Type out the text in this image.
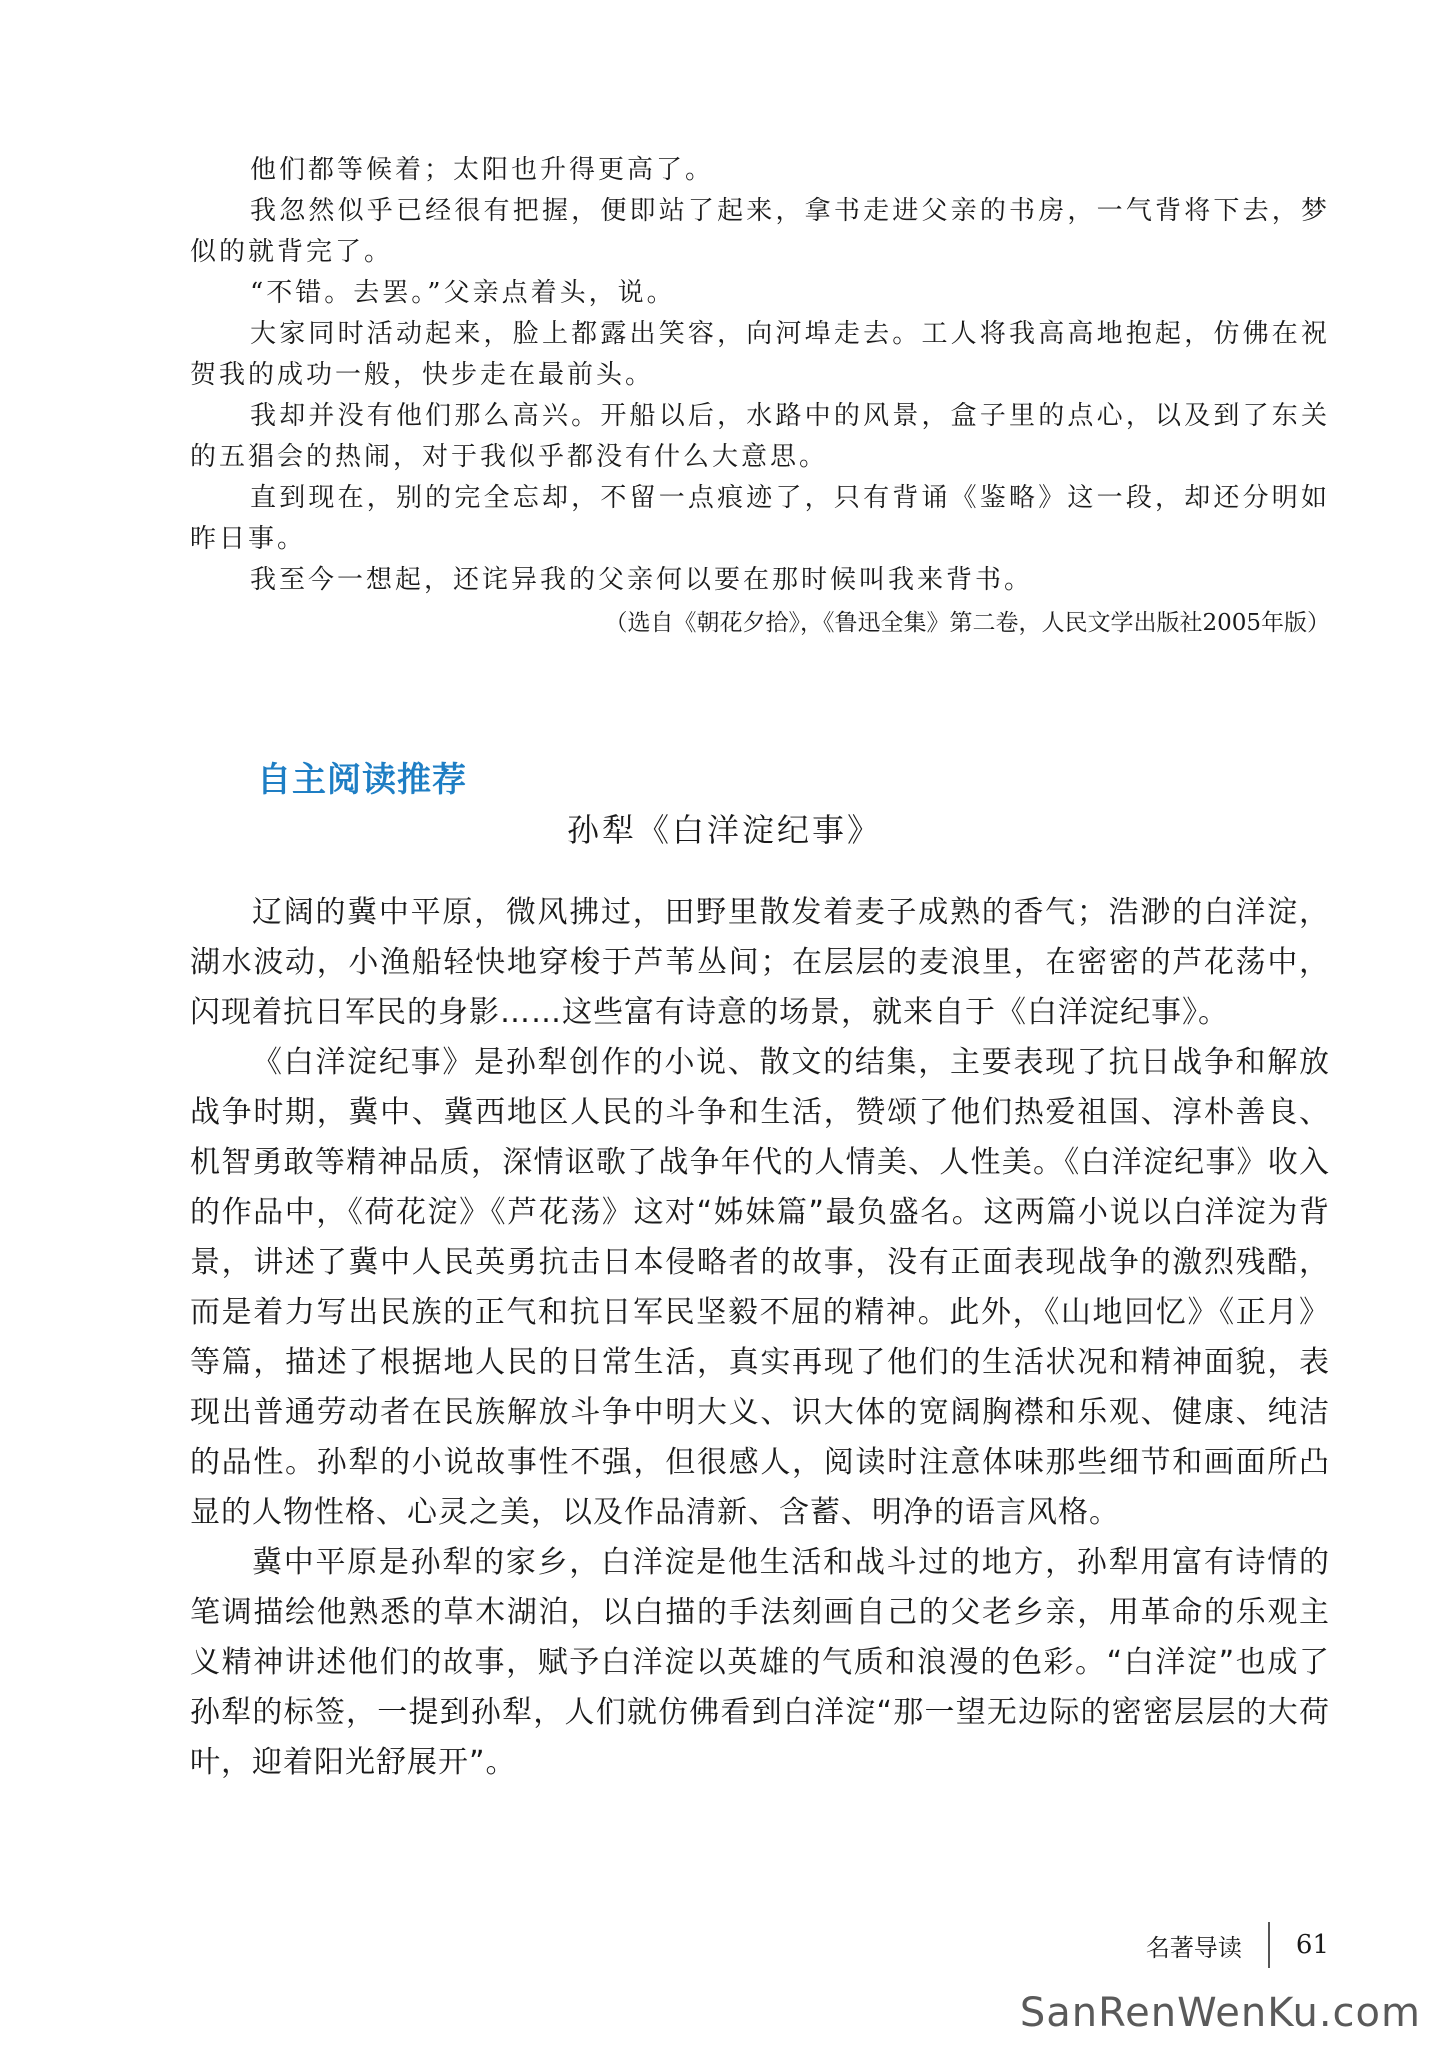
他们都等候着；太阳也升得更高了。

我忽然似乎已经很有把握，便即站了起来，拿书走进父亲的书房，一气背将下去，梦似的就背完了。

“不错。去罢。”父亲点着头，说。

大家同时活动起来，脸上都露出笑容，向河埠走去。工人将我高高地抱起，仿佛在祝贺我的成功一般，快步走在最前头。

我却并没有他们那么高兴。开船以后，水路中的风景，盒子里的点心，以及到了东关的五猖会的热闹，对于我似乎都没有什么大意思。

直到现在，别的完全忘却，不留一点痕迹了，只有背诵《鉴略》这一段，却还分明如昨日事。

我至今一想起，还诧异我的父亲何以要在那时候叫我来背书。

（选自《朝花夕拾》，《鲁迅全集》第二卷，人民文学出版社2005年版）
自主阅读推荐
孙犁《白洋淀纪事》

辽阔的冀中平原，微风拂过，田野里散发着麦子成熟的香气；浩渺的白洋淀，湖水波动，小渔船轻快地穿梭于芦苇丛间；在层层的麦浪里，在密密的芦花荡中，闪现着抗日军民的身影……这些富有诗意的场景，就来自于《白洋淀纪事》。

《白洋淀纪事》是孙犁创作的小说、散文的结集，主要表现了抗日战争和解放战争时期，冀中、冀西地区人民的斗争和生活，赞颂了他们热爱祖国、淳朴善良、机智勇敢等精神品质，深情讴歌了战争年代的人情美、人性美。《白洋淀纪事》收入的作品中，《荷花淀》《芦花荡》这对“姊妹篇”最负盛名。这两篇小说以白洋淀为背景，讲述了冀中人民英勇抗击日本侵略者的故事，没有正面表现战争的激烈残酷，而是着力写出民族的正气和抗日军民坚毅不屈的精神。此外，《山地回忆》《正月》等篇，描述了根据地人民的日常生活，真实再现了他们的生活状况和精神面貌，表现出普通劳动者在民族解放斗争中明大义、识大体的宽阔胸襟和乐观、健康、纯洁的品性。孙犁的小说故事性不强，但很感人，阅读时注意体味那些细节和画面所凸显的人物性格、心灵之美，以及作品清新、含蓄、明净的语言风格。

冀中平原是孙犁的家乡，白洋淀是他生活和战斗过的地方，孙犁用富有诗情的笔调描绘他熟悉的草木湖泊，以白描的手法刻画自己的父老乡亲，用革命的乐观主义精神讲述他们的故事，赋予白洋淀以英雄的气质和浪漫的色彩。“白洋淀”也成了孙犁的标签，一提到孙犁，人们就仿佛看到白洋淀“那一望无边际的密密层层的大荷叶，迎着阳光舒展开”。

名著导读 61
SanRenWenKu.com
